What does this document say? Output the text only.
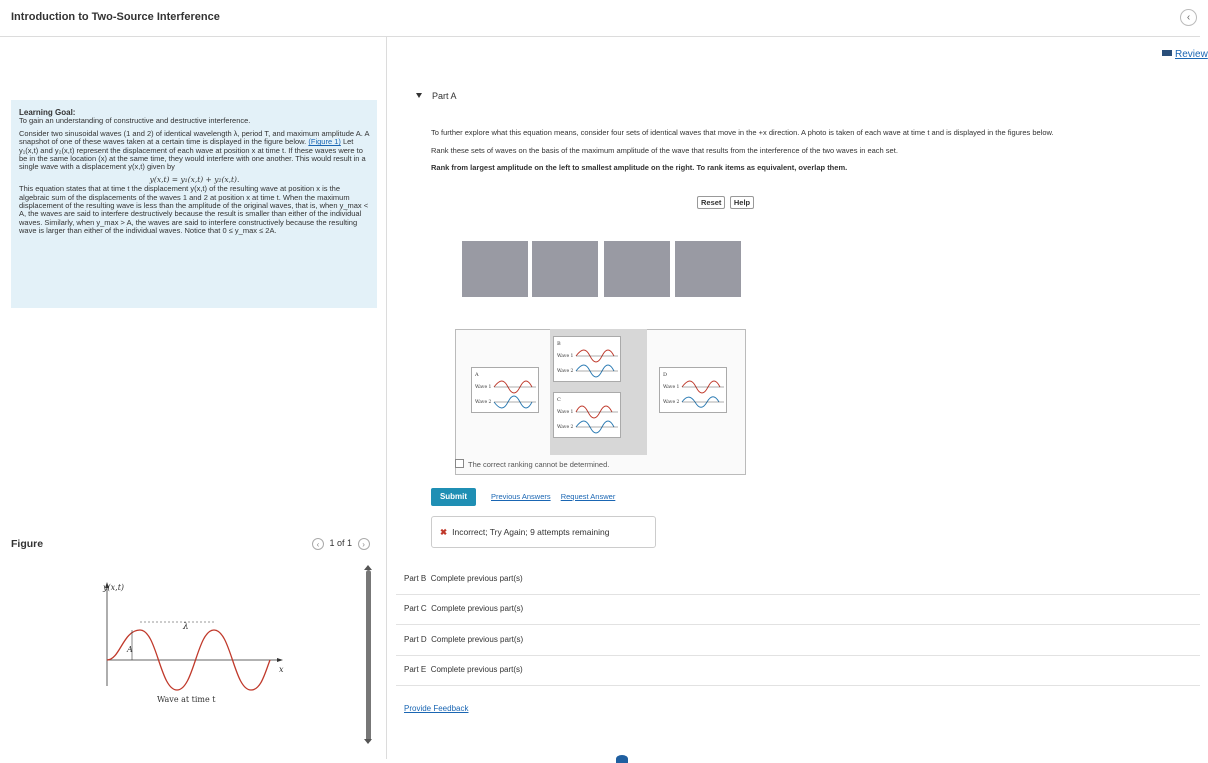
Introduction to Two-Source Interference	‹
Review

Learning Goal:

To gain an understanding of constructive and destructive interference.

Consider two sinusoidal waves (1 and 2) of identical wavelength λ, period T, and maximum amplitude A. A snapshot of one of these waves taken at a certain time is displayed in the figure below. (Figure 1) Let y₁(x,t) and y₂(x,t) represent the displacement of each wave at position x at time t. If these waves were to be in the same location (x) at the same time, they would interfere with one another. This would result in a single wave with a displacement y(x,t) given by

y(x,t) = y₁(x,t) + y₂(x,t).

This equation states that at time t the displacement y(x,t) of the resulting wave at position x is the algebraic sum of the displacements of the waves 1 and 2 at position x at time t. When the maximum displacement of the resulting wave is less than the amplitude of the original waves, that is, when y_max < A, the waves are said to interfere destructively because the result is smaller than either of the individual waves. Similarly, when y_max > A, the waves are said to interfere constructively because the resulting wave is larger than either of the individual waves. Notice that 0 ≤ y_max ≤ 2A.

Figure	‹ 1 of 1 ›
y(x,t)
x
λ
A
Wave at time t
Part A
To further explore what this equation means, consider four sets of identical waves that move in the +x direction. A photo is taken of each wave at time t and is displayed in the figures below.
Rank these sets of waves on the basis of the maximum amplitude of the wave that results from the interference of the two waves in each set.
Rank from largest amplitude on the left to smallest amplitude on the right. To rank items as equivalent, overlap them.
Reset Help
A
Wave 1
Wave 2
B
Wave 1
Wave 2
C
Wave 1
Wave 2
D
Wave 1
Wave 2
The correct ranking cannot be determined.
Submit	Previous Answers Request Answer
✖ Incorrect; Try Again; 9 attempts remaining
Part B Complete previous part(s)
Part C Complete previous part(s)
Part D Complete previous part(s)
Part E Complete previous part(s)
Provide Feedback
